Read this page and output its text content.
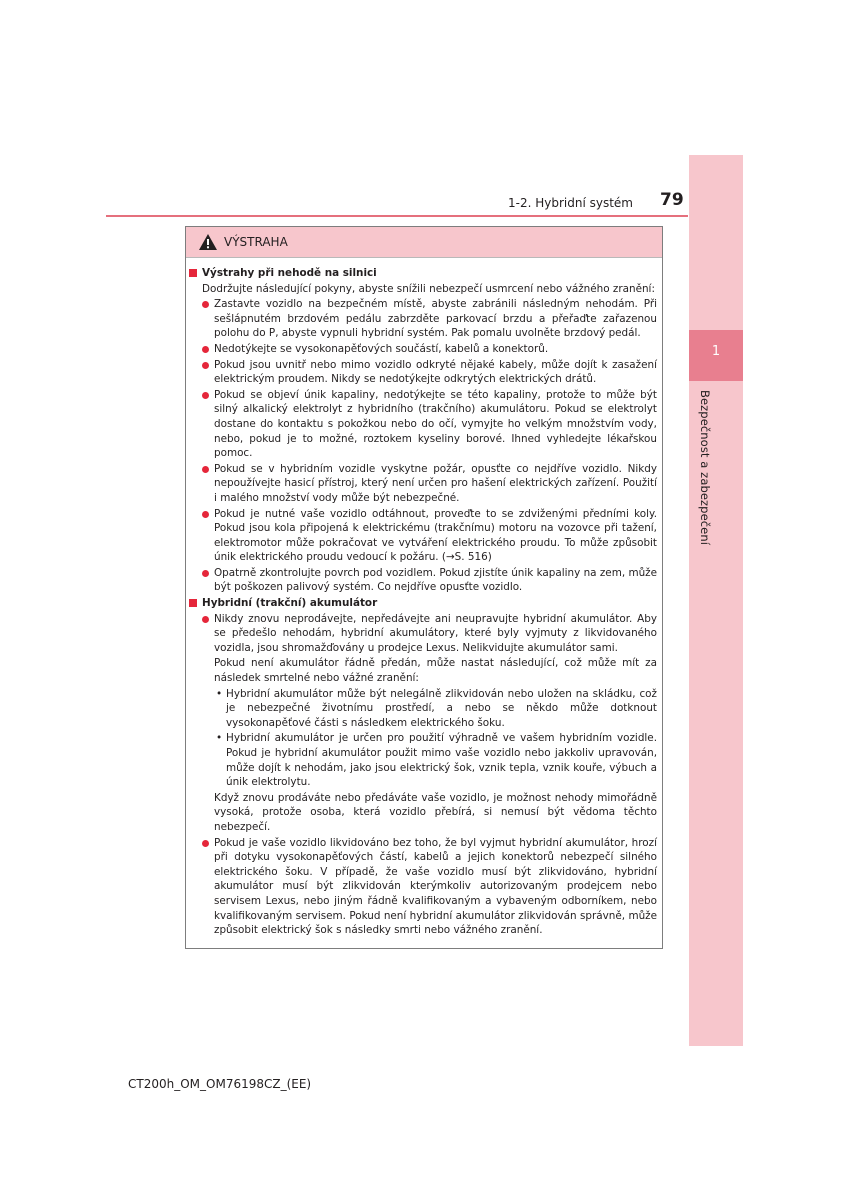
1
Bezpečnost a zabezpečení
1-2. Hybridní systém 79
VÝSTRAHA
Výstrahy při nehodě na silnici
Dodržujte následující pokyny, abyste snížili nebezpečí usmrcení nebo vážného zranění:
Zastavte vozidlo na bezpečném místě, abyste zabránili následným nehodám. Při sešlápnutém brzdovém pedálu zabrzděte parkovací brzdu a přeřaďte zařazenou polohu do P, abyste vypnuli hybridní systém. Pak pomalu uvolněte brzdový pedál.
Nedotýkejte se vysokonapěťových součástí, kabelů a konektorů.
Pokud jsou uvnitř nebo mimo vozidlo odkryté nějaké kabely, může dojít k zasažení elektrickým proudem. Nikdy se nedotýkejte odkrytých elektrických drátů.
Pokud se objeví únik kapaliny, nedotýkejte se této kapaliny, protože to může být silný alkalický elektrolyt z hybridního (trakčního) akumulátoru. Pokud se elektrolyt dostane do kontaktu s pokožkou nebo do očí, vymyjte ho velkým množstvím vody, nebo, pokud je to možné, roztokem kyseliny borové. Ihned vyhledejte lékařskou pomoc.
Pokud se v hybridním vozidle vyskytne požár, opusťte co nejdříve vozidlo. Nikdy nepoužívejte hasicí přístroj, který není určen pro hašení elektrických zařízení. Použití i malého množství vody může být nebezpečné.
Pokud je nutné vaše vozidlo odtáhnout, proveďte to se zdviženými předními koly. Pokud jsou kola připojená k elektrickému (trakčnímu) motoru na vozovce při tažení, elektromotor může pokračovat ve vytváření elektrického proudu. To může způsobit únik elektrického proudu vedoucí k požáru. (→S. 516)
Opatrně zkontrolujte povrch pod vozidlem. Pokud zjistíte únik kapaliny na zem, může být poškozen palivový systém. Co nejdříve opusťte vozidlo.
Hybridní (trakční) akumulátor
Nikdy znovu neprodávejte, nepředávejte ani neupravujte hybridní akumulátor. Aby se předešlo nehodám, hybridní akumulátory, které byly vyjmuty z likvidovaného vozidla, jsou shromažďovány u prodejce Lexus. Nelikvidujte akumulátor sami.
Pokud není akumulátor řádně předán, může nastat následující, což může mít za následek smrtelné nebo vážné zranění:
• Hybridní akumulátor může být nelegálně zlikvidován nebo uložen na skládku, což je nebezpečné životnímu prostředí, a nebo se někdo může dotknout vysokonapěťové části s následkem elektrického šoku.
• Hybridní akumulátor je určen pro použití výhradně ve vašem hybridním vozidle. Pokud je hybridní akumulátor použit mimo vaše vozidlo nebo jakkoliv upravován, může dojít k nehodám, jako jsou elektrický šok, vznik tepla, vznik kouře, výbuch a únik elektrolytu.
Když znovu prodáváte nebo předáváte vaše vozidlo, je možnost nehody mimořádně vysoká, protože osoba, která vozidlo přebírá, si nemusí být vědoma těchto nebezpečí.
Pokud je vaše vozidlo likvidováno bez toho, že byl vyjmut hybridní akumulátor, hrozí při dotyku vysokonapěťových částí, kabelů a jejich konektorů nebezpečí silného elektrického šoku. V případě, že vaše vozidlo musí být zlikvidováno, hybridní akumulátor musí být zlikvidován kterýmkoliv autorizovaným prodejcem nebo servisem Lexus, nebo jiným řádně kvalifikovaným a vybaveným odborníkem, nebo kvalifikovaným servisem. Pokud není hybridní akumulátor zlikvidován správně, může způsobit elektrický šok s následky smrti nebo vážného zranění.
CT200h_OM_OM76198CZ_(EE)
